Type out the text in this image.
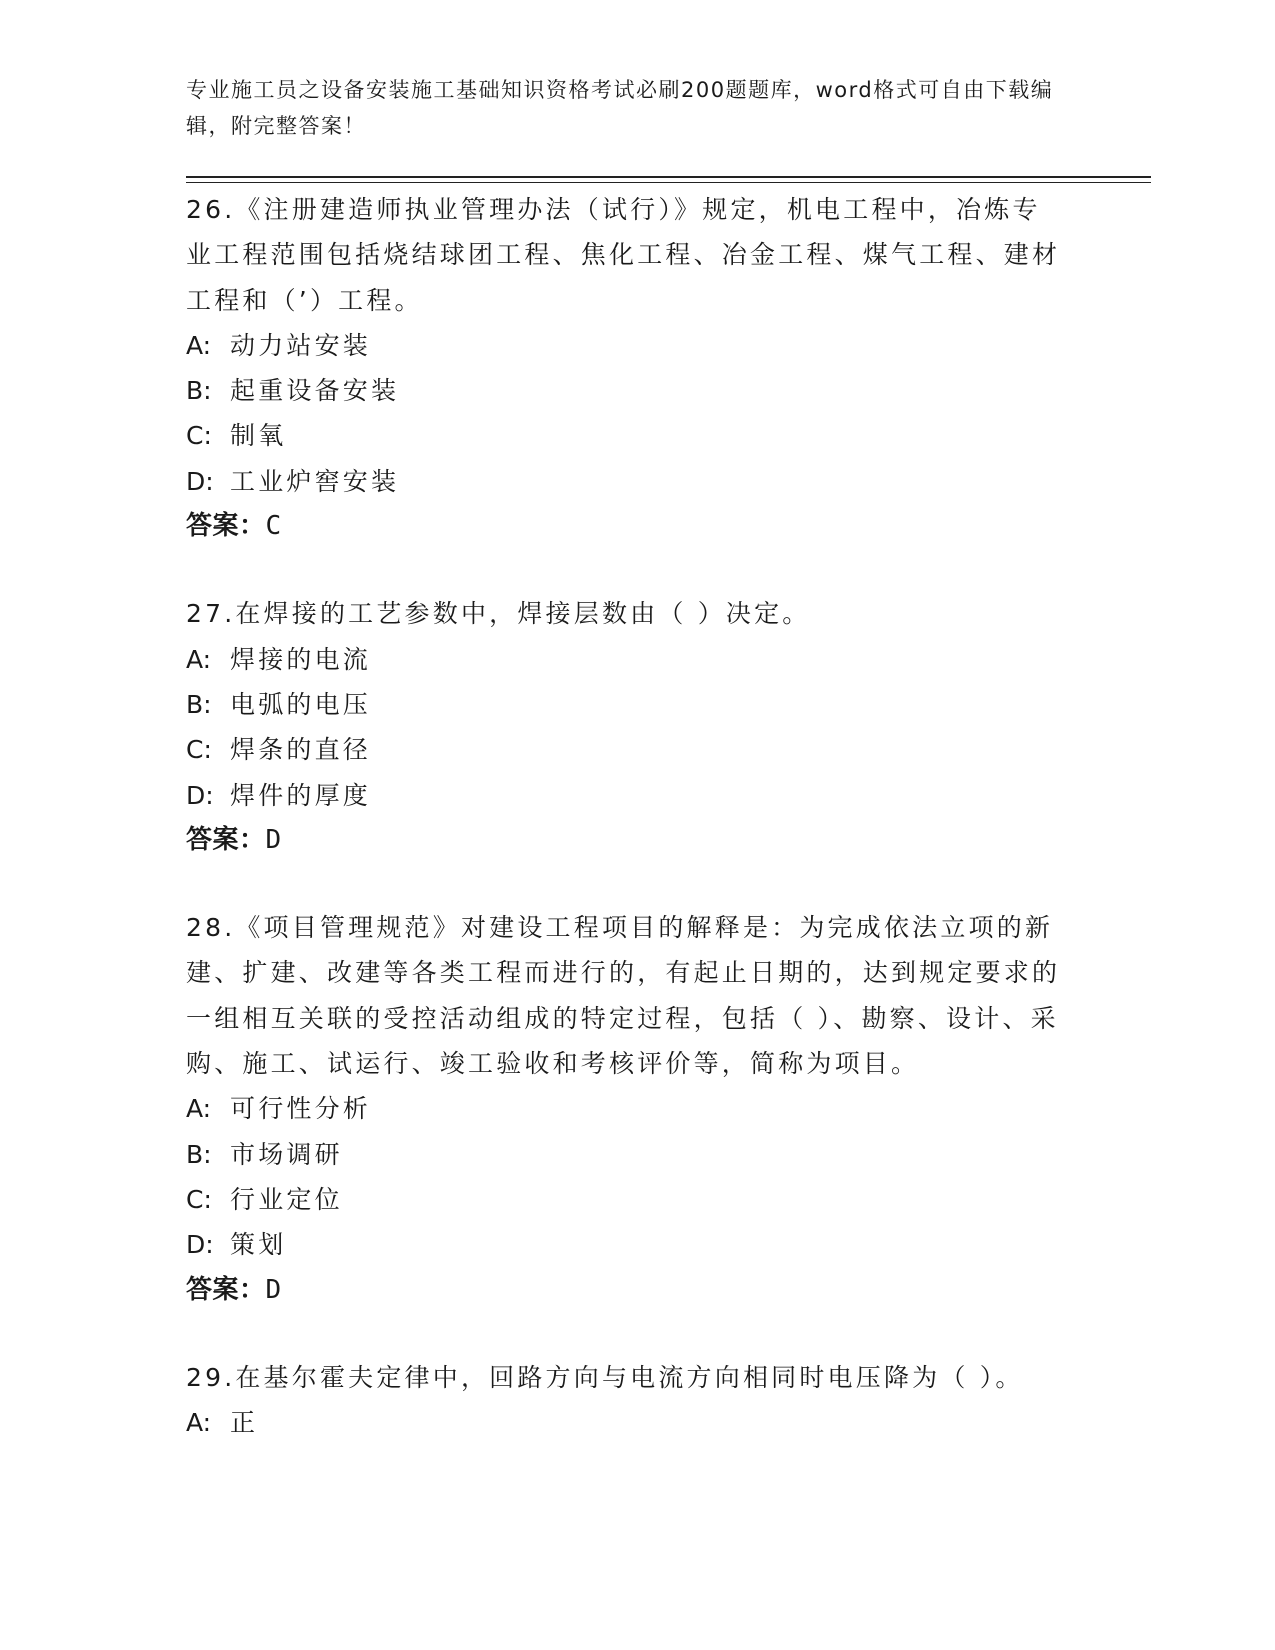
专业施工员之设备安装施工基础知识资格考试必刷200题题库，word格式可自由下载编辑，附完整答案！
26.《注册建造师执业管理办法（试行）》规定，机电工程中，冶炼专业工程范围包括烧结球团工程、焦化工程、冶金工程、煤气工程、建材工程和（’）工程。
A: 动力站安装
B: 起重设备安装
C: 制氧
D: 工业炉窖安装
答案：C
27.在焊接的工艺参数中，焊接层数由（ ）决定。
A: 焊接的电流
B: 电弧的电压
C: 焊条的直径
D: 焊件的厚度
答案：D
28.《项目管理规范》对建设工程项目的解释是：为完成依法立项的新建、扩建、改建等各类工程而进行的，有起止日期的，达到规定要求的一组相互关联的受控活动组成的特定过程，包括（ ）、勘察、设计、采购、施工、试运行、竣工验收和考核评价等，简称为项目。
A: 可行性分析
B: 市场调研
C: 行业定位
D: 策划
答案：D
29.在基尔霍夫定律中，回路方向与电流方向相同时电压降为（ ）。
A: 正
